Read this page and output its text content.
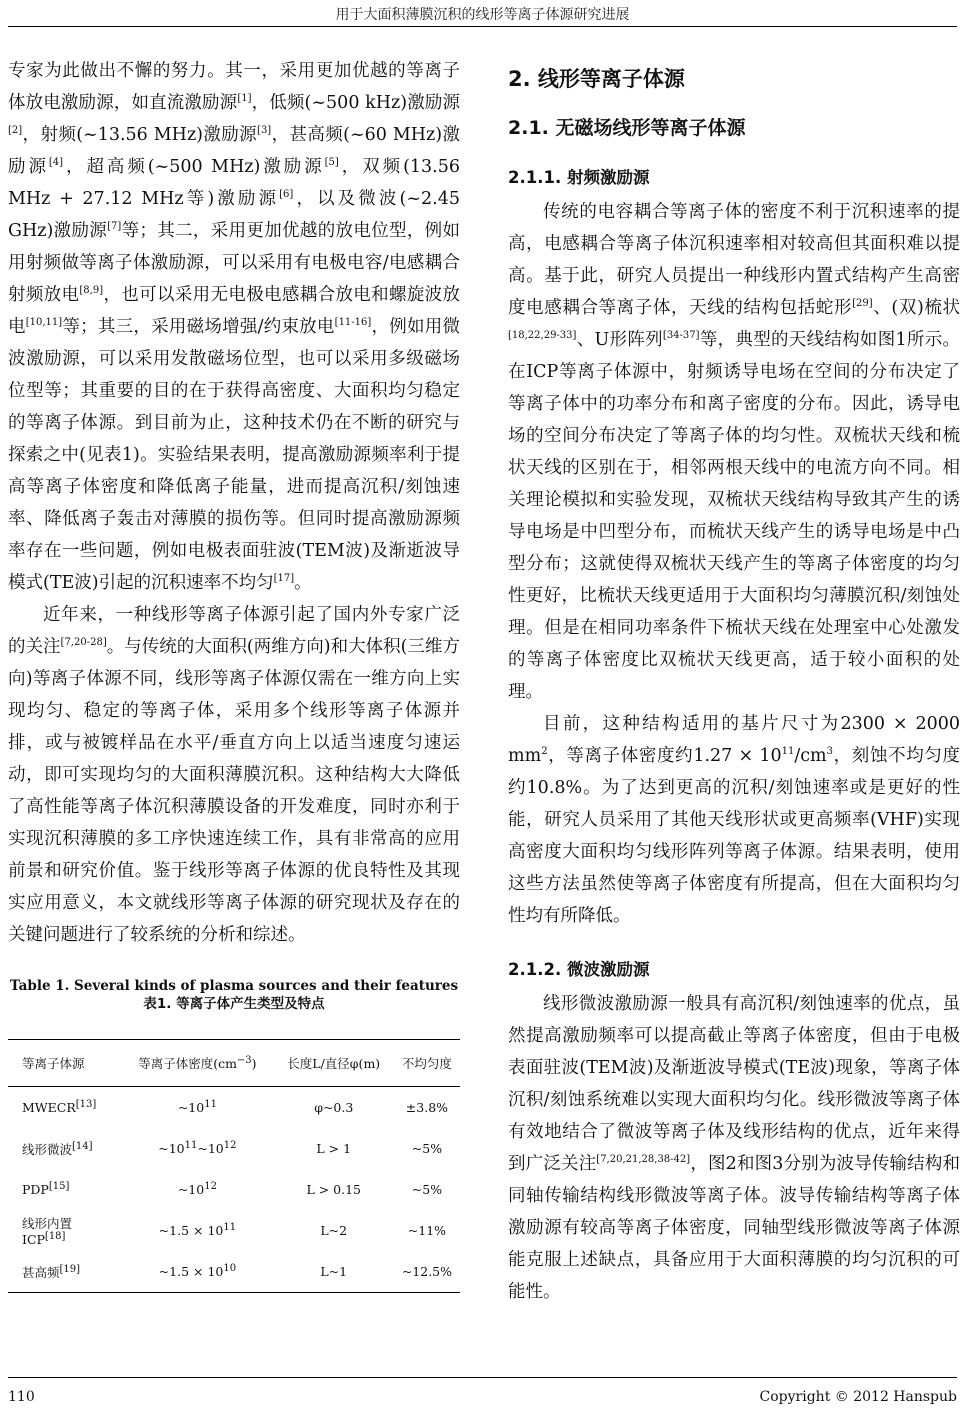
用于大面积薄膜沉积的线形等离子体源研究进展

专家为此做出不懈的努力。其一，采用更加优越的等离子体放电激励源，如直流激励源[1]，低频(~500 kHz)激励源[2]，射频(~13.56 MHz)激励源[3]，甚高频(~60 MHz)激励源[4]，超高频(~500 MHz)激励源[5]，双频(13.56 MHz + 27.12 MHz等)激励源[6]，以及微波(~2.45 GHz)激励源[7]等；其二，采用更加优越的放电位型，例如用射频做等离子体激励源，可以采用有电极电容/电感耦合射频放电[8,9]，也可以采用无电极电感耦合放电和螺旋波放电[10,11]等；其三，采用磁场增强/约束放电[11-16]，例如用微波激励源，可以采用发散磁场位型，也可以采用多级磁场位型等；其重要的目的在于获得高密度、大面积均匀稳定的等离子体源。到目前为止，这种技术仍在不断的研究与探索之中(见表1)。实验结果表明，提高激励源频率利于提高等离子体密度和降低离子能量，进而提高沉积/刻蚀速率、降低离子轰击对薄膜的损伤等。但同时提高激励源频率存在一些问题，例如电极表面驻波(TEM波)及渐逝波导模式(TE波)引起的沉积速率不均匀[17]。

近年来，一种线形等离子体源引起了国内外专家广泛的关注[7,20-28]。与传统的大面积(两维方向)和大体积(三维方向)等离子体源不同，线形等离子体源仅需在一维方向上实现均匀、稳定的等离子体，采用多个线形等离子体源并排，或与被镀样品在水平/垂直方向上以适当速度匀速运动，即可实现均匀的大面积薄膜沉积。这种结构大大降低了高性能等离子体沉积薄膜设备的开发难度，同时亦利于实现沉积薄膜的多工序快速连续工作，具有非常高的应用前景和研究价值。鉴于线形等离子体源的优良特性及其现实应用意义，本文就线形等离子体源的研究现状及存在的关键问题进行了较系统的分析和综述。

Table 1. Several kinds of plasma sources and their features
表1. 等离子体产生类型及特点
等离子体源	等离子体密度$(cm^{-3})$	长度L/直径φ(m)	不均匀度
MWECR[13]	$\sim 10^{11}$	φ~0.3	±3.8%
线形微波[14]	$\sim 10^{11}\sim 10^{12}$	L > 1	~5%
PDP[15]	$\sim 10^{12}$	L > 0.15	~5%
线形内置
ICP[18]	~1.5 × $10^{11}$	L~2	~11%
甚高频[19]	~1.5 × $10^{10}$	L~1	~12.5%
2. 线形等离子体源
2.1. 无磁场线形等离子体源
2.1.1. 射频激励源

传统的电容耦合等离子体的密度不利于沉积速率的提高，电感耦合等离子体沉积速率相对较高但其面积难以提高。基于此，研究人员提出一种线形内置式结构产生高密度电感耦合等离子体，天线的结构包括蛇形[29]、(双)梳状[18,22,29-33]、U形阵列[34-37]等，典型的天线结构如图1所示。在ICP等离子体源中，射频诱导电场在空间的分布决定了等离子体中的功率分布和离子密度的分布。因此，诱导电场的空间分布决定了等离子体的均匀性。双梳状天线和梳状天线的区别在于，相邻两根天线中的电流方向不同。相关理论模拟和实验发现，双梳状天线结构导致其产生的诱导电场是中凹型分布，而梳状天线产生的诱导电场是中凸型分布；这就使得双梳状天线产生的等离子体密度的均匀性更好，比梳状天线更适用于大面积均匀薄膜沉积/刻蚀处理。但是在相同功率条件下梳状天线在处理室中心处激发的等离子体密度比双梳状天线更高，适于较小面积的处理。

目前，这种结构适用的基片尺寸为2300 × 2000 $mm^2$，等离子体密度约$1.27 \times 10^{11}/cm^3$，刻蚀不均匀度约10.8%。为了达到更高的沉积/刻蚀速率或是更好的性能，研究人员采用了其他天线形状或更高频率(VHF)实现高密度大面积均匀线形阵列等离子体源。结果表明，使用这些方法虽然使等离子体密度有所提高，但在大面积均匀性均有所降低。

2.1.2. 微波激励源

线形微波激励源一般具有高沉积/刻蚀速率的优点，虽然提高激励频率可以提高截止等离子体密度，但由于电极表面驻波(TEM波)及渐逝波导模式(TE波)现象，等离子体沉积/刻蚀系统难以实现大面积均匀化。线形微波等离子体有效地结合了微波等离子体及线形结构的优点，近年来得到广泛关注[7,20,21,28,38-42]，图2和图3分别为波导传输结构和同轴传输结构线形微波等离子体。波导传输结构等离子体激励源有较高等离子体密度，同轴型线形微波等离子体源能克服上述缺点，具备应用于大面积薄膜的均匀沉积的可能性。

110	Copyright © 2012 Hanspub
